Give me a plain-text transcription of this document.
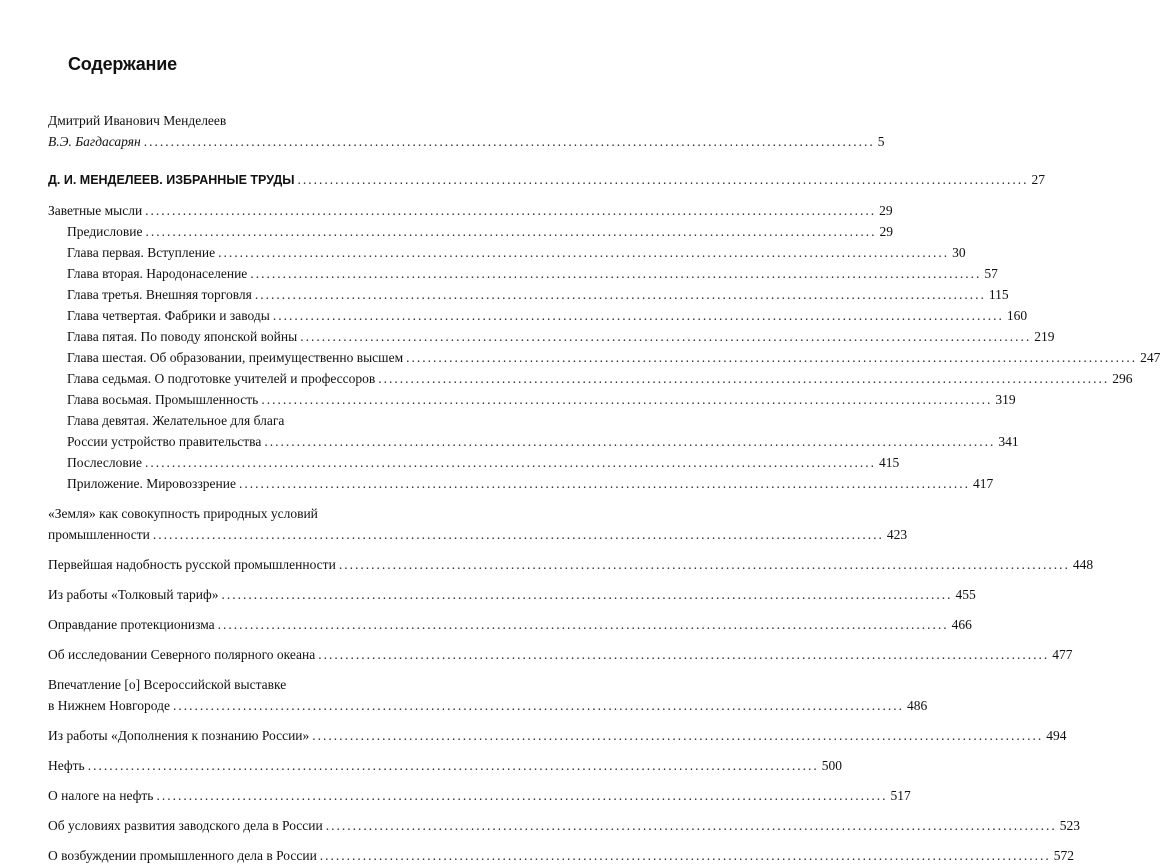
Содержание
Дмитрий Иванович Менделеев
В.Э. Багдасарян ........................................................................................................................................ 5
Д. И. МЕНДЕЛЕЕВ. ИЗБРАННЫЕ ТРУДЫ ........................................................................................................................................ 27
Заветные мысли ........................................................................................................................................ 29
Предисловие ........................................................................................................................................ 29
Глава первая. Вступление ........................................................................................................................................ 30
Глава вторая. Народонаселение ........................................................................................................................................ 57
Глава третья. Внешняя торговля ........................................................................................................................................ 115
Глава четвертая. Фабрики и заводы ........................................................................................................................................ 160
Глава пятая. По поводу японской войны ........................................................................................................................................ 219
Глава шестая. Об образовании, преимущественно высшем ........................................................................................................................................ 247
Глава седьмая. О подготовке учителей и профессоров ........................................................................................................................................ 296
Глава восьмая. Промышленность ........................................................................................................................................ 319
Глава девятая. Желательное для блага
России устройство правительства ........................................................................................................................................ 341
Послесловие ........................................................................................................................................ 415
Приложение. Мировоззрение ........................................................................................................................................ 417
«Земля» как совокупность природных условий
промышленности ........................................................................................................................................ 423
Первейшая надобность русской промышленности ........................................................................................................................................ 448
Из работы «Толковый тариф» ........................................................................................................................................ 455
Оправдание протекционизма ........................................................................................................................................ 466
Об исследовании Северного полярного океана ........................................................................................................................................ 477
Впечатление [о] Всероссийской выставке
в Нижнем Новгороде ........................................................................................................................................ 486
Из работы «Дополнения к познанию России» ........................................................................................................................................ 494
Нефть ........................................................................................................................................ 500
О налоге на нефть ........................................................................................................................................ 517
Об условиях развития заводского дела в России ........................................................................................................................................ 523
О возбуждении промышленного дела в России ........................................................................................................................................ 572
